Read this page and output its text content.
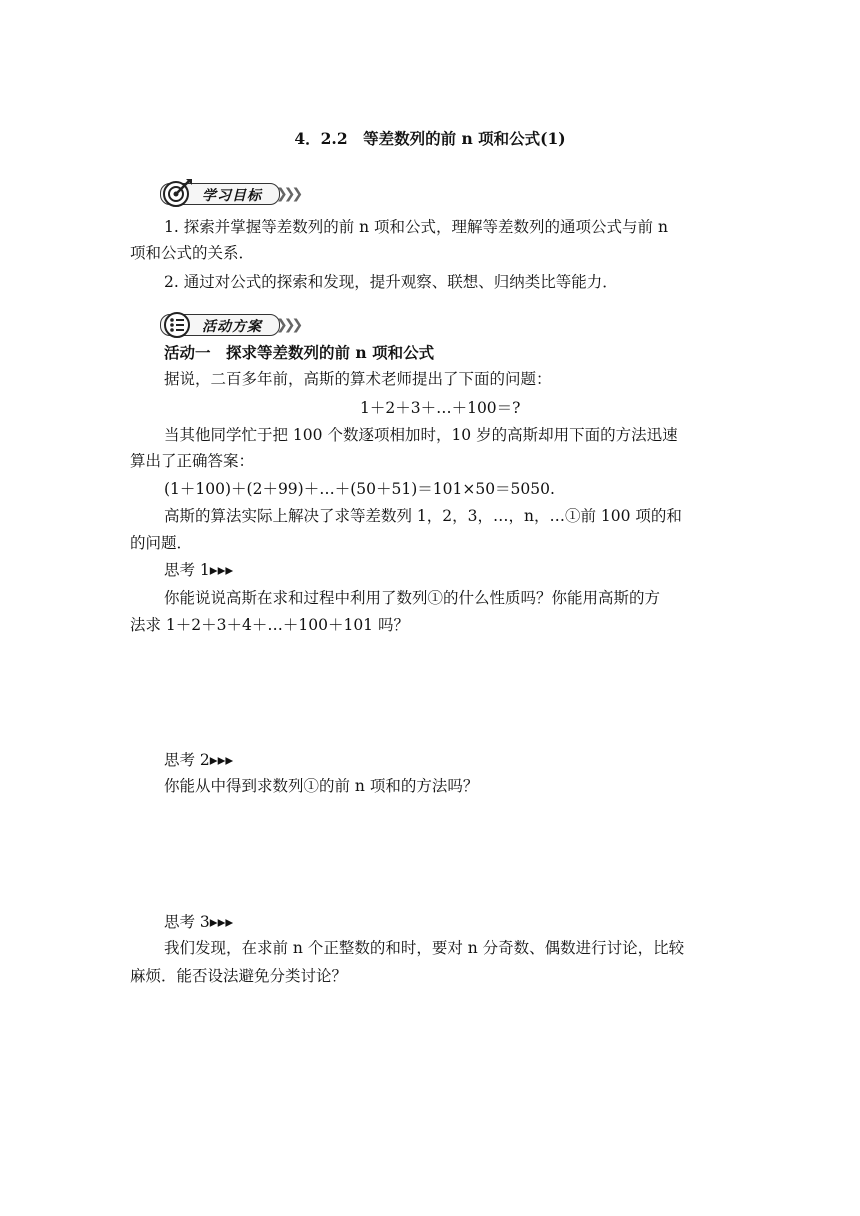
4．2.2　等差数列的前 n 项和公式(1)
学习目标 ❯❯❯
1. 探索并掌握等差数列的前 n 项和公式，理解等差数列的通项公式与前 n
项和公式的关系．
2. 通过对公式的探索和发现，提升观察、联想、归纳类比等能力．
活动方案 ❯❯❯
活动一　探求等差数列的前 n 项和公式
据说，二百多年前，高斯的算术老师提出了下面的问题：
1＋2＋3＋…＋100＝?
当其他同学忙于把 100 个数逐项相加时，10 岁的高斯却用下面的方法迅速
算出了正确答案：
(1＋100)＋(2＋99)＋…＋(50＋51)＝101×50＝5050.
高斯的算法实际上解决了求等差数列 1，2，3，…，n，…①前 100 项的和
的问题．
思考 1▸▸▸
你能说说高斯在求和过程中利用了数列①的什么性质吗？你能用高斯的方
法求 1＋2＋3＋4＋…＋100＋101 吗？
思考 2▸▸▸
你能从中得到求数列①的前 n 项和的方法吗？
思考 3▸▸▸
我们发现，在求前 n 个正整数的和时，要对 n 分奇数、偶数进行讨论，比较
麻烦．能否设法避免分类讨论？
